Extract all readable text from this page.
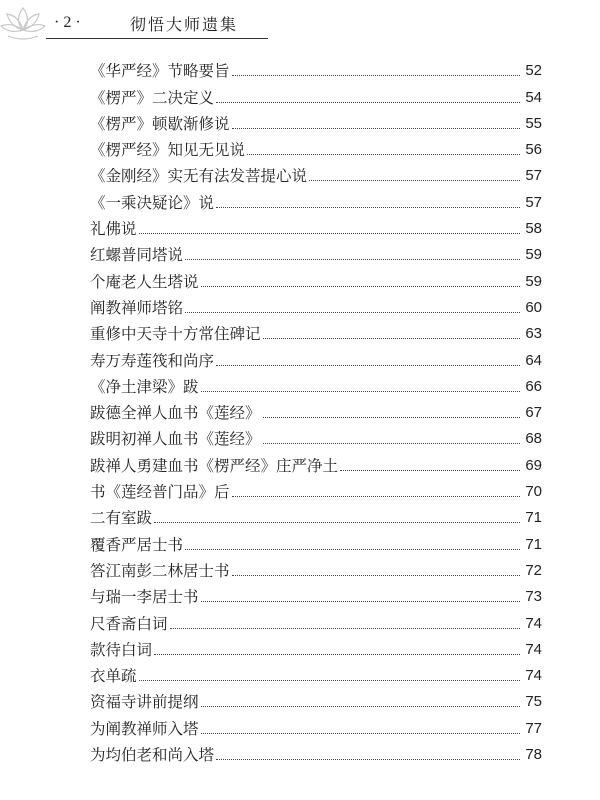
· 2 ·	彻悟大师遗集
《华严经》节略要旨	52
《楞严》二决定义	54
《楞严》顿歇渐修说	55
《楞严经》知见无见说	56
《金刚经》实无有法发菩提心说	57
《一乘决疑论》说	57
礼佛说	58
红螺普同塔说	59
个庵老人生塔说	59
阐教禅师塔铭	60
重修中天寺十方常住碑记	63
寿万寿莲筏和尚序	64
《净土津梁》跋	66
跋德全禅人血书《莲经》	67
跋明初禅人血书《莲经》	68
跋禅人勇建血书《楞严经》庄严净土	69
书《莲经普门品》后	70
二有室跋	71
覆香严居士书	71
答江南彭二林居士书	72
与瑞一李居士书	73
尺香斋白词	74
款待白词	74
衣单疏	74
资福寺讲前提纲	75
为阐教禅师入塔	77
为均伯老和尚入塔	78
